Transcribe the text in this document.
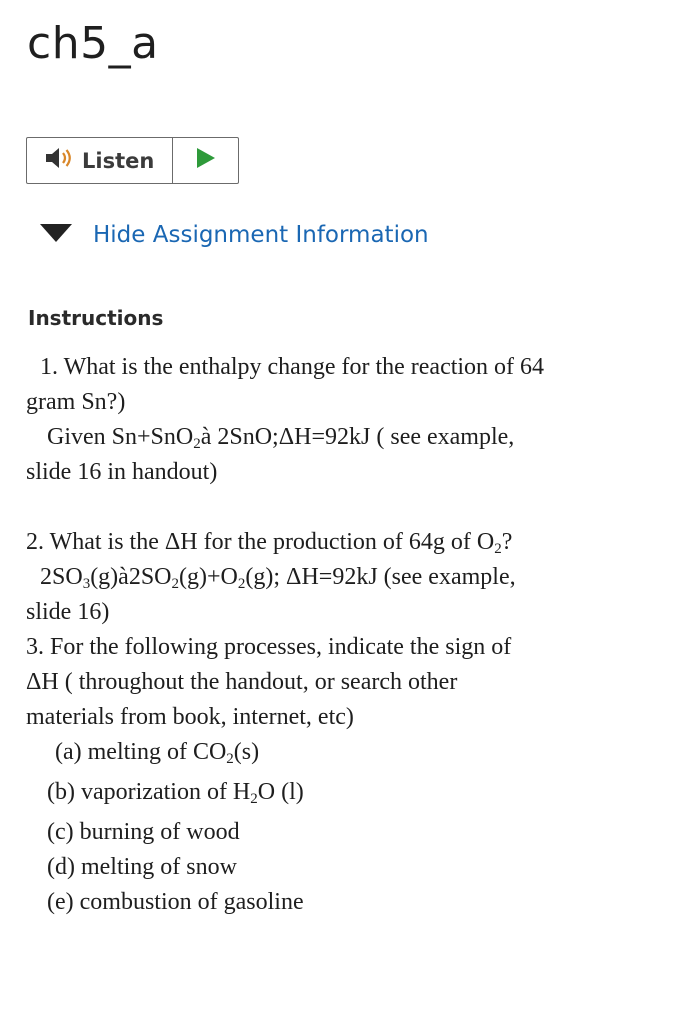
ch5_a
Listen
Hide Assignment Information
Instructions

1. What is the enthalpy change for the reaction of 64

gram Sn?)

Given Sn+SnO$_2$à 2SnO;ΔH=92kJ ( see example,

slide 16 in handout)

2. What is the ΔH for the production of 64g of $O_2$?

$2SO_3(g)à2SO_2(g)+O_2(g)$; ΔH=92kJ (see example,

slide 16)

3. For the following processes, indicate the sign of

ΔH ( throughout the handout, or search other

materials from book, internet, etc)

(a) melting of $CO_2(s)$

(b) vaporization of $H_2O$ (l)

(c) burning of wood

(d) melting of snow

(e) combustion of gasoline
